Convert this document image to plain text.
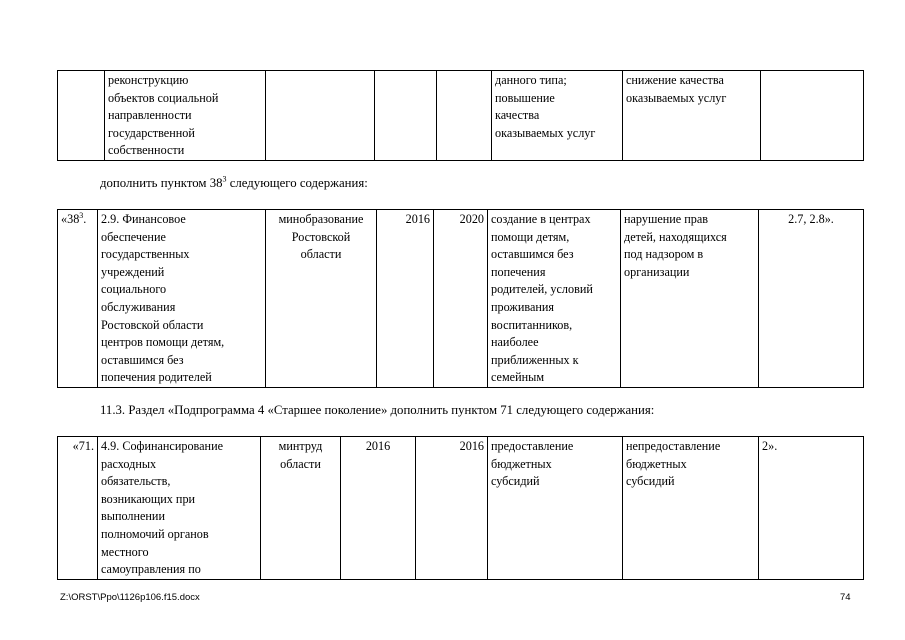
	реконструкцию
объектов социальной
направленности
государственной
собственности				данного типа;
повышение
качества
оказываемых услуг	снижение качества
оказываемых услуг	
дополнить пунктом $38^3$ следующего содержания:
«$38^3$.	2.9. Финансовое
обеспечение
государственных
учреждений
социального
обслуживания
Ростовской области
центров помощи детям,
оставшимся без
попечения родителей	минобразование
Ростовской
области	2016	2020	создание в центрах
помощи детям,
оставшимся без
попечения
родителей, условий
проживания
воспитанников,
наиболее
приближенных к
семейным	нарушение прав
детей, находящихся
под надзором в
организации	2.7, 2.8».
11.3. Раздел «Подпрограмма 4 «Старшее поколение» дополнить пунктом 71 следующего содержания:
«71.	4.9. Софинансирование
расходных
обязательств,
возникающих при
выполнении
полномочий органов
местного
самоуправления по	минтруд
области	2016	2016	предоставление
бюджетных
субсидий	непредоставление
бюджетных
субсидий	2».
Z:\ORST\Ppo\1126p106.f15.docx	74
